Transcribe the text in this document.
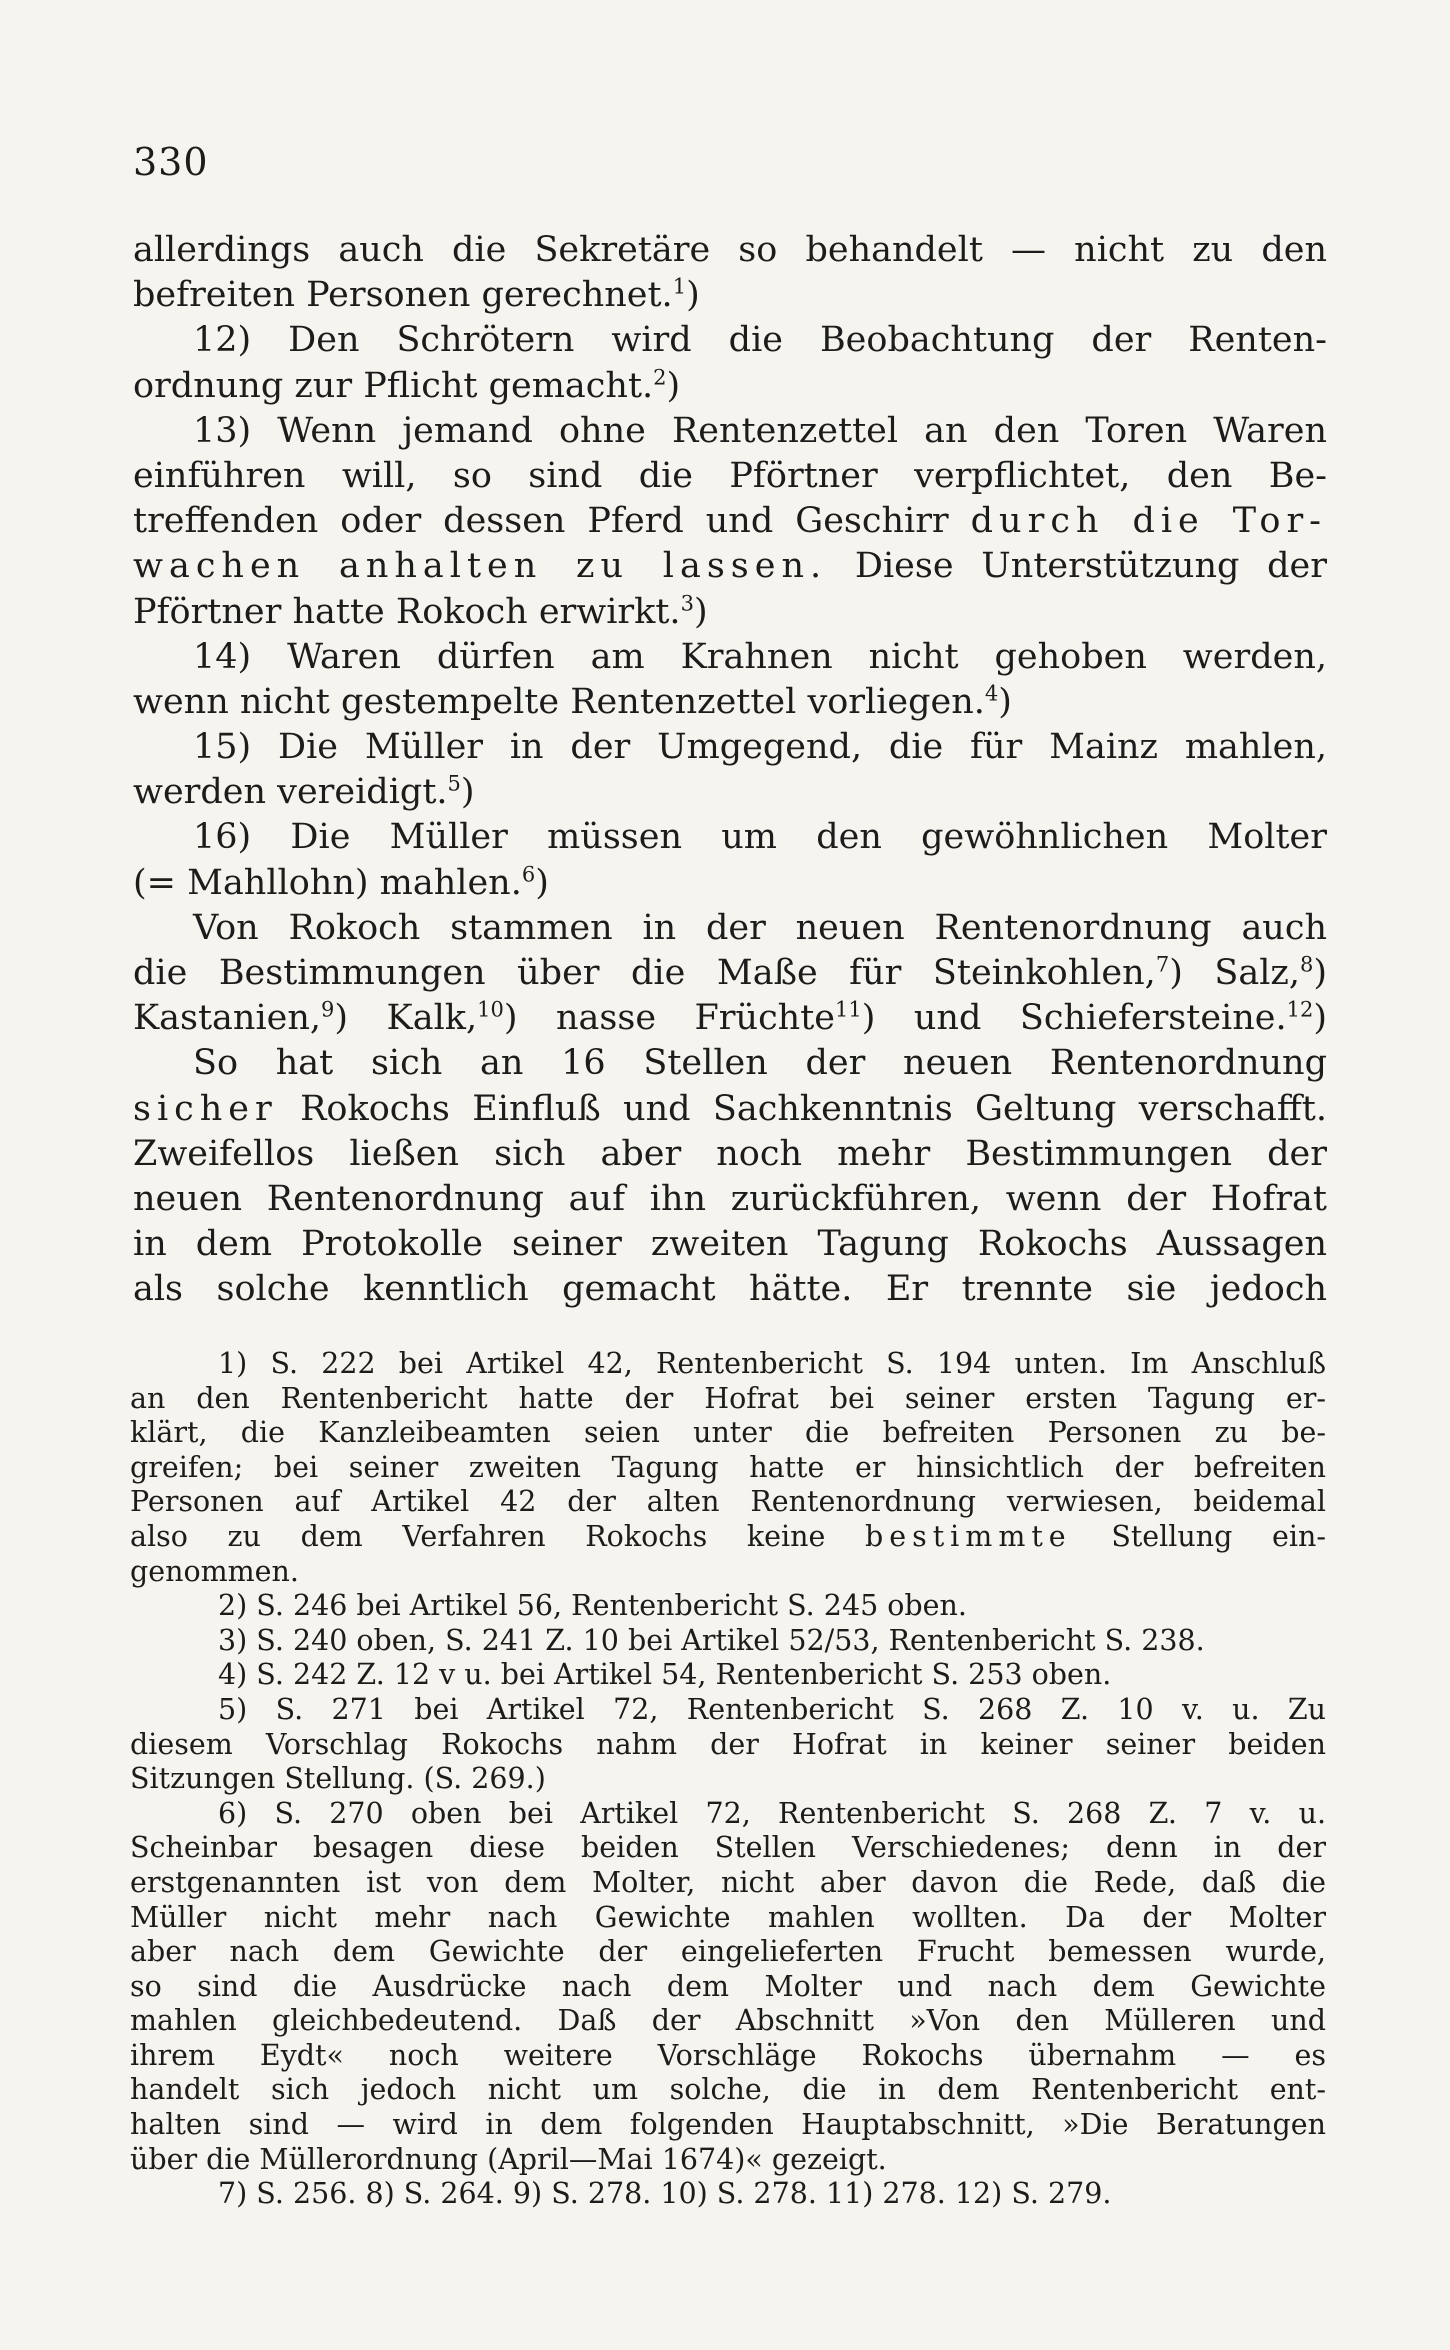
330
allerdings auch die Sekretäre so behandelt — nicht zu den
befreiten Personen gerechnet.$^1$)
12) Den Schrötern wird die Beobachtung der Renten-
ordnung zur Pflicht gemacht.$^2$)
13) Wenn jemand ohne Rentenzettel an den Toren Waren
einführen will, so sind die Pförtner verpflichtet, den Be-
treffenden oder dessen Pferd und Geschirr durch die Tor-
wachen anhalten zu lassen. Diese Unterstützung der
Pförtner hatte Rokoch erwirkt.$^3$)
14) Waren dürfen am Krahnen nicht gehoben werden,
wenn nicht gestempelte Rentenzettel vorliegen.$^4$)
15) Die Müller in der Umgegend, die für Mainz mahlen,
werden vereidigt.$^5$)
16) Die Müller müssen um den gewöhnlichen Molter
(= Mahllohn) mahlen.$^6$)
Von Rokoch stammen in der neuen Rentenordnung auch
die Bestimmungen über die Maße für Steinkohlen,$^7$) Salz,$^8$)
Kastanien,$^9$) Kalk,$^{10}$) nasse Früchte$^{11}$) und Schiefersteine.$^{12}$)
So hat sich an 16 Stellen der neuen Rentenordnung
sicher Rokochs Einfluß und Sachkenntnis Geltung verschafft.
Zweifellos ließen sich aber noch mehr Bestimmungen der
neuen Rentenordnung auf ihn zurückführen, wenn der Hofrat
in dem Protokolle seiner zweiten Tagung Rokochs Aussagen
als solche kenntlich gemacht hätte. Er trennte sie jedoch
1) S. 222 bei Artikel 42, Rentenbericht S. 194 unten. Im Anschluß
an den Rentenbericht hatte der Hofrat bei seiner ersten Tagung er-
klärt, die Kanzleibeamten seien unter die befreiten Personen zu be-
greifen; bei seiner zweiten Tagung hatte er hinsichtlich der befreiten
Personen auf Artikel 42 der alten Rentenordnung verwiesen, beidemal
also zu dem Verfahren Rokochs keine bestimmte Stellung ein-
genommen.
2) S. 246 bei Artikel 56, Rentenbericht S. 245 oben.
3) S. 240 oben, S. 241 Z. 10 bei Artikel 52/53, Rentenbericht S. 238.
4) S. 242 Z. 12 v u. bei Artikel 54, Rentenbericht S. 253 oben.
5) S. 271 bei Artikel 72, Rentenbericht S. 268 Z. 10 v. u. Zu
diesem Vorschlag Rokochs nahm der Hofrat in keiner seiner beiden
Sitzungen Stellung. (S. 269.)
6) S. 270 oben bei Artikel 72, Rentenbericht S. 268 Z. 7 v. u.
Scheinbar besagen diese beiden Stellen Verschiedenes; denn in der
erstgenannten ist von dem Molter, nicht aber davon die Rede, daß die
Müller nicht mehr nach Gewichte mahlen wollten. Da der Molter
aber nach dem Gewichte der eingelieferten Frucht bemessen wurde,
so sind die Ausdrücke nach dem Molter und nach dem Gewichte
mahlen gleichbedeutend. Daß der Abschnitt »Von den Mülleren und
ihrem Eydt« noch weitere Vorschläge Rokochs übernahm — es
handelt sich jedoch nicht um solche, die in dem Rentenbericht ent-
halten sind — wird in dem folgenden Hauptabschnitt, »Die Beratungen
über die Müllerordnung (April—Mai 1674)« gezeigt.
7) S. 256. 8) S. 264. 9) S. 278. 10) S. 278. 11) 278. 12) S. 279.
